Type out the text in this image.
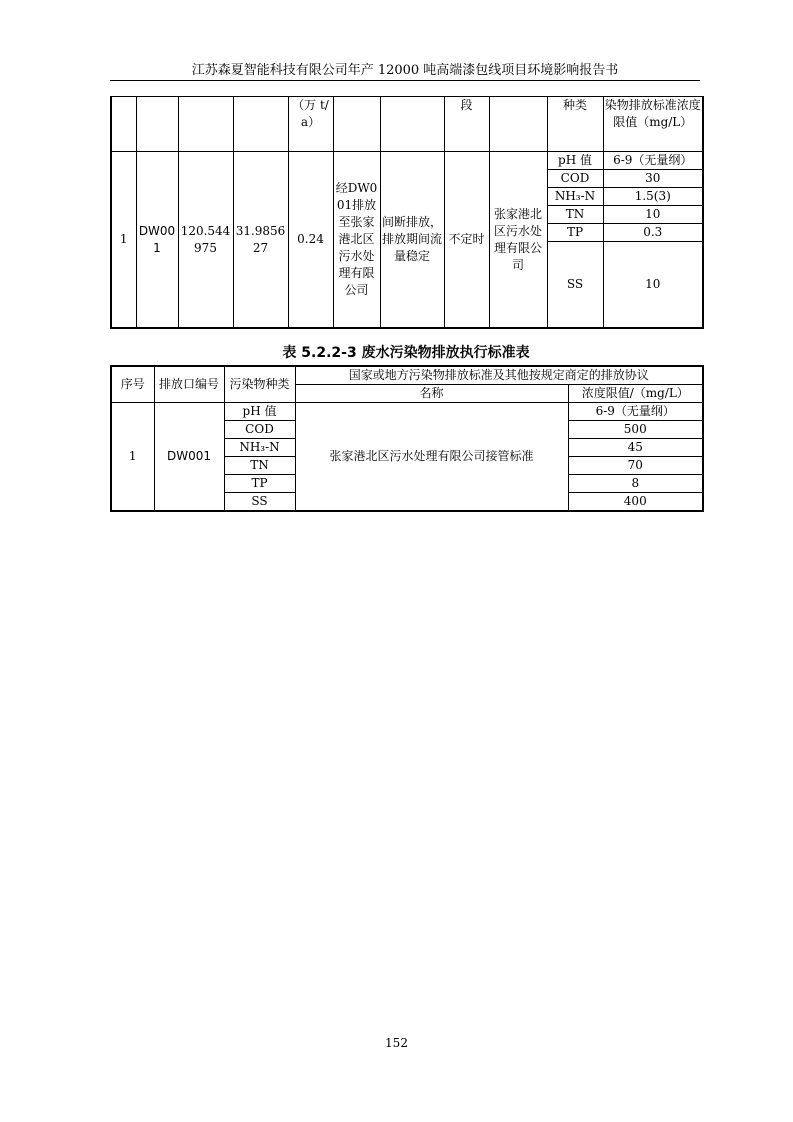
江苏森夏智能科技有限公司年产 12000 吨高端漆包线项目环境影响报告书
				（万 t/a）			段		种类	染物排放标准浓度限值（mg/L）
1	DW001	120.544975	31.985627	0.24	经DW001排放至张家港北区污水处理有限公司	间断排放，排放期间流量稳定	不定时	张家港北区污水处理有限公司	pH 值	6-9（无量纲）
									COD	30
									NH₃-N	1.5(3)
									TN	10
									TP	0.3
									SS	10
表 5.2.2-3 废水污染物排放执行标准表
序号	排放口编号	污染物种类	国家或地方污染物排放标准及其他按规定商定的排放协议	
			名称	浓度限值/（mg/L）
1	DW001	pH 值	张家港北区污水处理有限公司接管标准	6-9（无量纲）
		COD		500
		NH₃-N		45
		TN		70
		TP		8
		SS		400
152
